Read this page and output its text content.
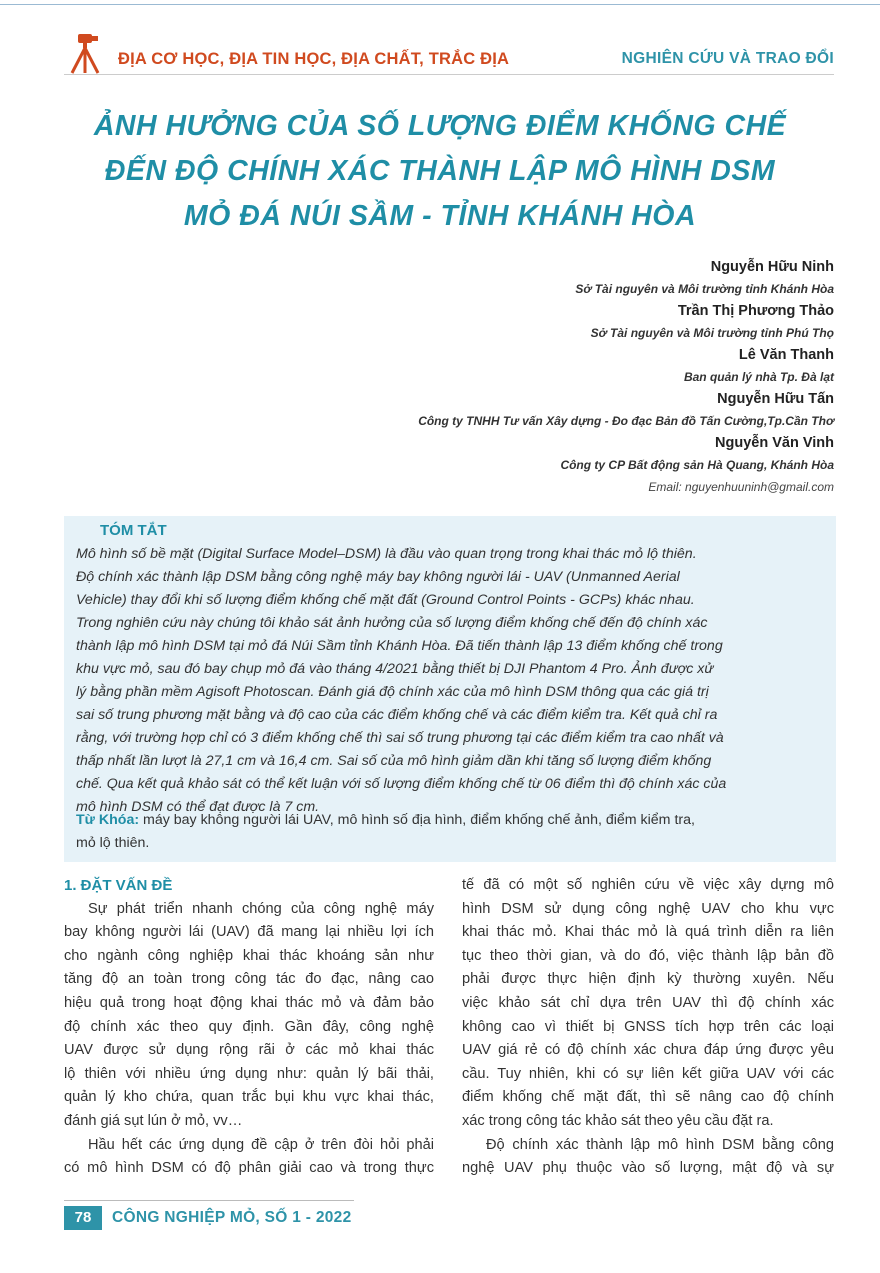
ĐỊA CƠ HỌC, ĐỊA TIN HỌC, ĐỊA CHẤT, TRẮC ĐỊA	NGHIÊN CỨU VÀ TRAO ĐỔI
ẢNH HƯỞNG CỦA SỐ LƯỢNG ĐIỂM KHỐNG CHẾ
ĐẾN ĐỘ CHÍNH XÁC THÀNH LẬP MÔ HÌNH DSM
MỎ ĐÁ NÚI SẦM - TỈNH KHÁNH HÒA
Nguyễn Hữu Ninh
Sở Tài nguyên và Môi trường tỉnh Khánh Hòa
Trần Thị Phương Thảo
Sở Tài nguyên và Môi trường tỉnh Phú Thọ
Lê Văn Thanh
Ban quản lý nhà Tp. Đà lạt
Nguyễn Hữu Tấn
Công ty TNHH Tư vấn Xây dựng - Đo đạc Bản đồ Tấn Cường,Tp.Cần Thơ
Nguyễn Văn Vinh
Công ty CP Bất động sản Hà Quang, Khánh Hòa
Email: nguyenhuuninh@gmail.com
TÓM TẮT
Mô hình số bề mặt (Digital Surface Model–DSM) là đầu vào quan trọng trong khai thác mỏ lộ thiên.
Độ chính xác thành lập DSM bằng công nghệ máy bay không người lái - UAV (Unmanned Aerial
Vehicle) thay đổi khi số lượng điểm khống chế mặt đất (Ground Control Points - GCPs) khác nhau.
Trong nghiên cứu này chúng tôi khảo sát ảnh hưởng của số lượng điểm khống chế đến độ chính xác
thành lập mô hình DSM tại mỏ đá Núi Sầm tỉnh Khánh Hòa. Đã tiến thành lập 13 điểm khống chế trong
khu vực mỏ, sau đó bay chụp mỏ đá vào tháng 4/2021 bằng thiết bị DJI Phantom 4 Pro. Ảnh được xử
lý bằng phần mềm Agisoft Photoscan. Đánh giá độ chính xác của mô hình DSM thông qua các giá trị
sai số trung phương mặt bằng và độ cao của các điểm khống chế và các điểm kiểm tra. Kết quả chỉ ra
rằng, với trường hợp chỉ có 3 điểm khống chế thì sai số trung phương tại các điểm kiểm tra cao nhất và
thấp nhất lần lượt là 27,1 cm và 16,4 cm. Sai số của mô hình giảm dần khi tăng số lượng điểm khống
chế. Qua kết quả khảo sát có thể kết luận với số lượng điểm khống chế từ 06 điểm thì độ chính xác của
mô hình DSM có thể đạt được là 7 cm.
Từ Khóa: máy bay không người lái UAV, mô hình số địa hình, điểm khống chế ảnh, điểm kiểm tra,
mỏ lộ thiên.
1. ĐẶT VẤN ĐỀ
Sự phát triển nhanh chóng của công nghệ máy
bay không người lái (UAV) đã mang lại nhiều lợi ích
cho ngành công nghiệp khai thác khoáng sản như
tăng độ an toàn trong công tác đo đạc, nâng cao
hiệu quả trong hoạt động khai thác mỏ và đảm bảo
độ chính xác theo quy định. Gần đây, công nghệ
UAV được sử dụng rộng rãi ở các mỏ khai thác
lộ thiên với nhiều ứng dụng như: quản lý bãi thải,
quản lý kho chứa, quan trắc bụi khu vực khai thác,
đánh giá sụt lún ở mỏ, vv…
Hầu hết các ứng dụng đề cập ở trên đòi hỏi phải
có mô hình DSM có độ phân giải cao và trong thực
tế đã có một số nghiên cứu về việc xây dựng mô
hình DSM sử dụng công nghệ UAV cho khu vực
khai thác mỏ. Khai thác mỏ là quá trình diễn ra liên
tục theo thời gian, và do đó, việc thành lập bản đồ
phải được thực hiện định kỳ thường xuyên. Nếu
việc khảo sát chỉ dựa trên UAV thì độ chính xác
không cao vì thiết bị GNSS tích hợp trên các loại
UAV giá rẻ có độ chính xác chưa đáp ứng được yêu
cầu. Tuy nhiên, khi có sự liên kết giữa UAV với các
điểm khống chế mặt đất, thì sẽ nâng cao độ chính
xác trong công tác khảo sát theo yêu cầu đặt ra.
Độ chính xác thành lập mô hình DSM bằng công
nghệ UAV phụ thuộc vào số lượng, mật độ và sự
78	CÔNG NGHIỆP MỎ, SỐ 1 - 2022
